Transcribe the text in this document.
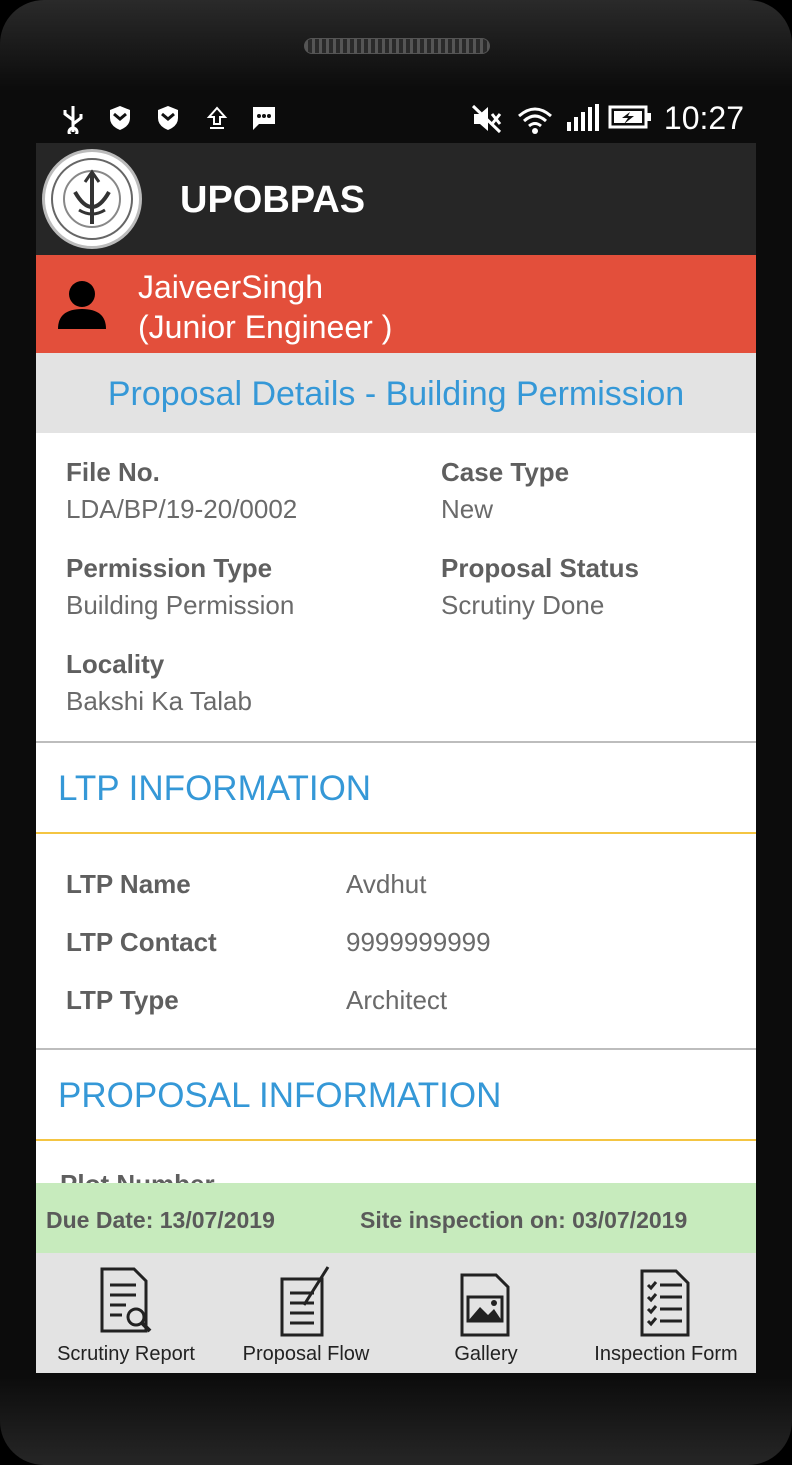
10:27
UPOBPAS
JaiveerSingh
(Junior Engineer )
Proposal Details - Building Permission
File No.
LDA/BP/19-20/0002
Case Type
New
Permission Type
Building Permission
Proposal Status
Scrutiny Done
Locality
Bakshi Ka Talab
LTP INFORMATION
LTP Name	Avdhut
LTP Contact	9999999999
LTP Type	Architect
PROPOSAL INFORMATION
Due Date: 13/07/2019	Site inspection on: 03/07/2019
Scrutiny Report	Proposal Flow	Gallery	Inspection Form
